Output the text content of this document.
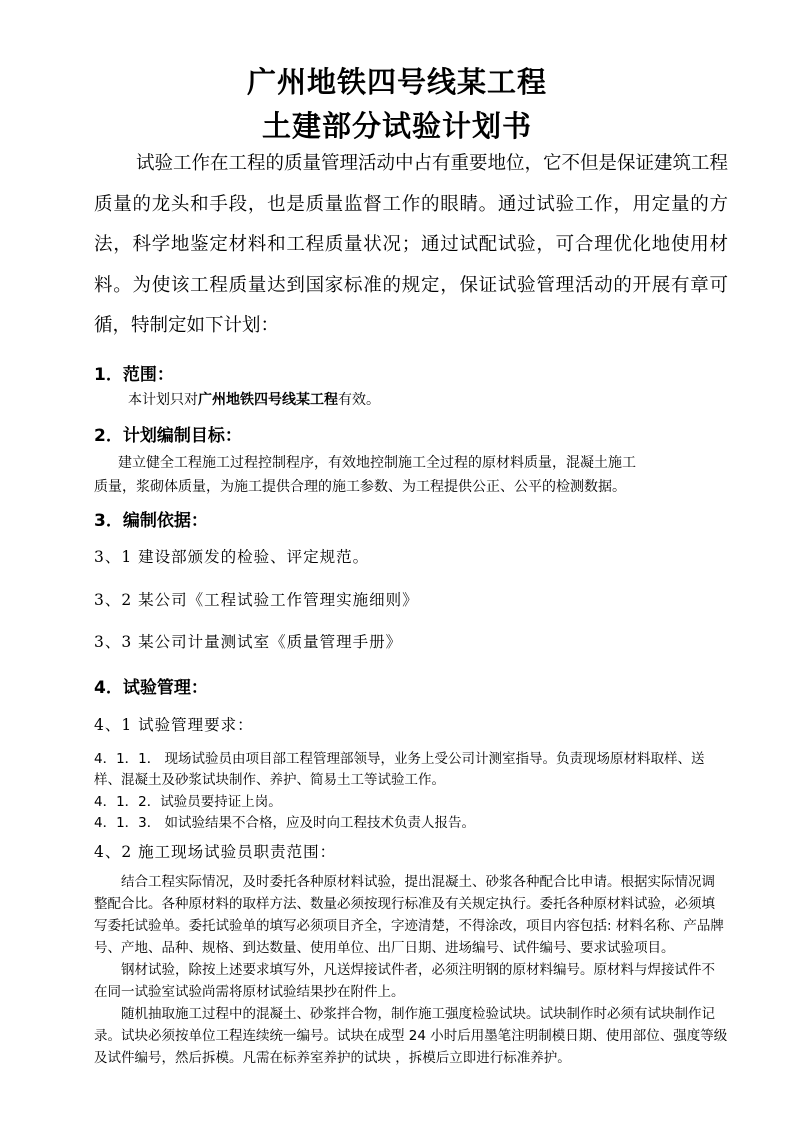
广州地铁四号线某工程
土建部分试验计划书

试验工作在工程的质量管理活动中占有重要地位，它不但是保证建筑工程质量的龙头和手段，也是质量监督工作的眼睛。通过试验工作，用定量的方法，科学地鉴定材料和工程质量状况；通过试配试验，可合理优化地使用材料。为使该工程质量达到国家标准的规定，保证试验管理活动的开展有章可循，特制定如下计划：

1．范围：
本计划只对广州地铁四号线某工程有效。
2．计划编制目标：
建立健全工程施工过程控制程序，有效地控制施工全过程的原材料质量，混凝土施工
质量，浆砌体质量，为施工提供合理的施工参数、为工程提供公正、公平的检测数据。
3．编制依据：
3、1 建设部颁发的检验、评定规范。
3、2 某公司《工程试验工作管理实施细则》
3、3 某公司计量测试室《质量管理手册》
4．试验管理：
4、1 试验管理要求：
4．1．1． 现场试验员由项目部工程管理部领导，业务上受公司计测室指导。负责现场原材料取样、送
样、混凝土及砂浆试块制作、养护、简易土工等试验工作。
4．1．2．试验员要持证上岗。
4．1．3． 如试验结果不合格，应及时向工程技术负责人报告。
4、2 施工现场试验员职责范围：

结合工程实际情况，及时委托各种原材料试验，提出混凝土、砂浆各种配合比申请。根据实际情况调整配合比。各种原材料的取样方法、数量必须按现行标准及有关规定执行。委托各种原材料试验，必须填写委托试验单。委托试验单的填写必须项目齐全，字迹清楚，不得涂改，项目内容包括: 材料名称、产品牌号、产地、品种、规格、到达数量、使用单位、出厂日期、进场编号、试件编号、要求试验项目。

钢材试验，除按上述要求填写外，凡送焊接试件者，必须注明钢的原材料编号。原材料与焊接试件不在同一试验室试验尚需将原材试验结果抄在附件上。

随机抽取施工过程中的混凝土、砂浆拌合物，制作施工强度检验试块。试块制作时必须有试块制作记录。试块必须按单位工程连续统一编号。试块在成型 24 小时后用墨笔注明制模日期、使用部位、强度等级及试件编号，然后拆模。凡需在标养室养护的试块 ，拆模后立即进行标准养护。
